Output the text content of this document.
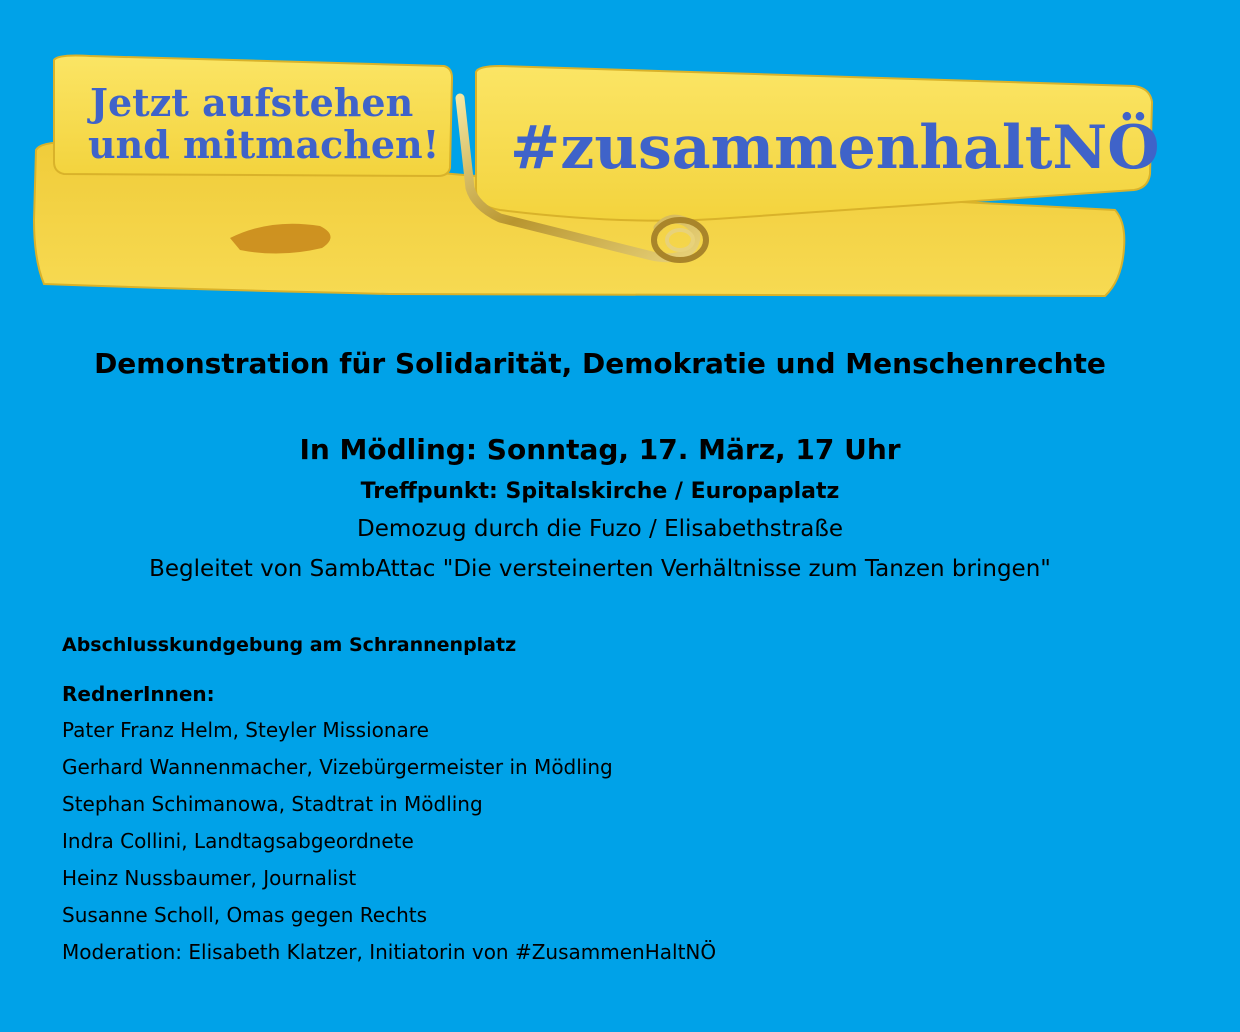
Jetzt aufstehen
und mitmachen! #zusammenhaltNÖ
Demonstration für Solidarität, Demokratie und Menschenrechte
In Mödling: Sonntag, 17. März, 17 Uhr
Treffpunkt: Spitalskirche / Europaplatz
Demozug durch die Fuzo / Elisabethstraße
Begleitet von SambAttac "Die versteinerten Verhältnisse zum Tanzen bringen"
Abschlusskundgebung am Schrannenplatz
RednerInnen:
Pater Franz Helm, Steyler Missionare
Gerhard Wannenmacher, Vizebürgermeister in Mödling
Stephan Schimanowa, Stadtrat in Mödling
Indra Collini, Landtagsabgeordnete
Heinz Nussbaumer, Journalist
Susanne Scholl, Omas gegen Rechts
Moderation: Elisabeth Klatzer, Initiatorin von #ZusammenHaltNÖ
